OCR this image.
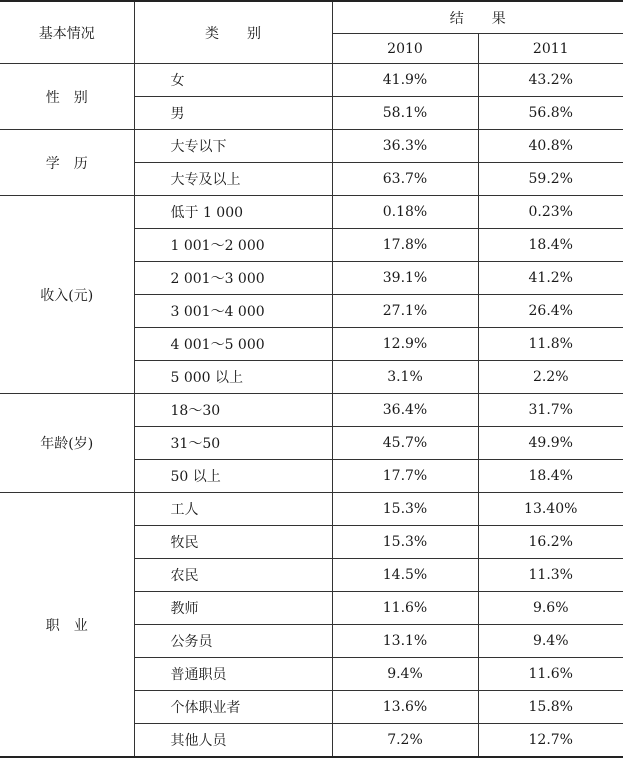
基本情况	类　　别	结　　果	
		2010	2011
性　别	女	41.9%	43.2%
	男	58.1%	56.8%
学　历	大专以下	36.3%	40.8%
	大专及以上	63.7%	59.2%
收入(元)	低于 1 000	0.18%	0.23%
	1 001～2 000	17.8%	18.4%
	2 001～3 000	39.1%	41.2%
	3 001～4 000	27.1%	26.4%
	4 001～5 000	12.9%	11.8%
	5 000 以上	3.1%	2.2%
年龄(岁)	18～30	36.4%	31.7%
	31～50	45.7%	49.9%
	50 以上	17.7%	18.4%
职　业	工人	15.3%	13.40%
	牧民	15.3%	16.2%
	农民	14.5%	11.3%
	教师	11.6%	9.6%
	公务员	13.1%	9.4%
	普通职员	9.4%	11.6%
	个体职业者	13.6%	15.8%
	其他人员	7.2%	12.7%
